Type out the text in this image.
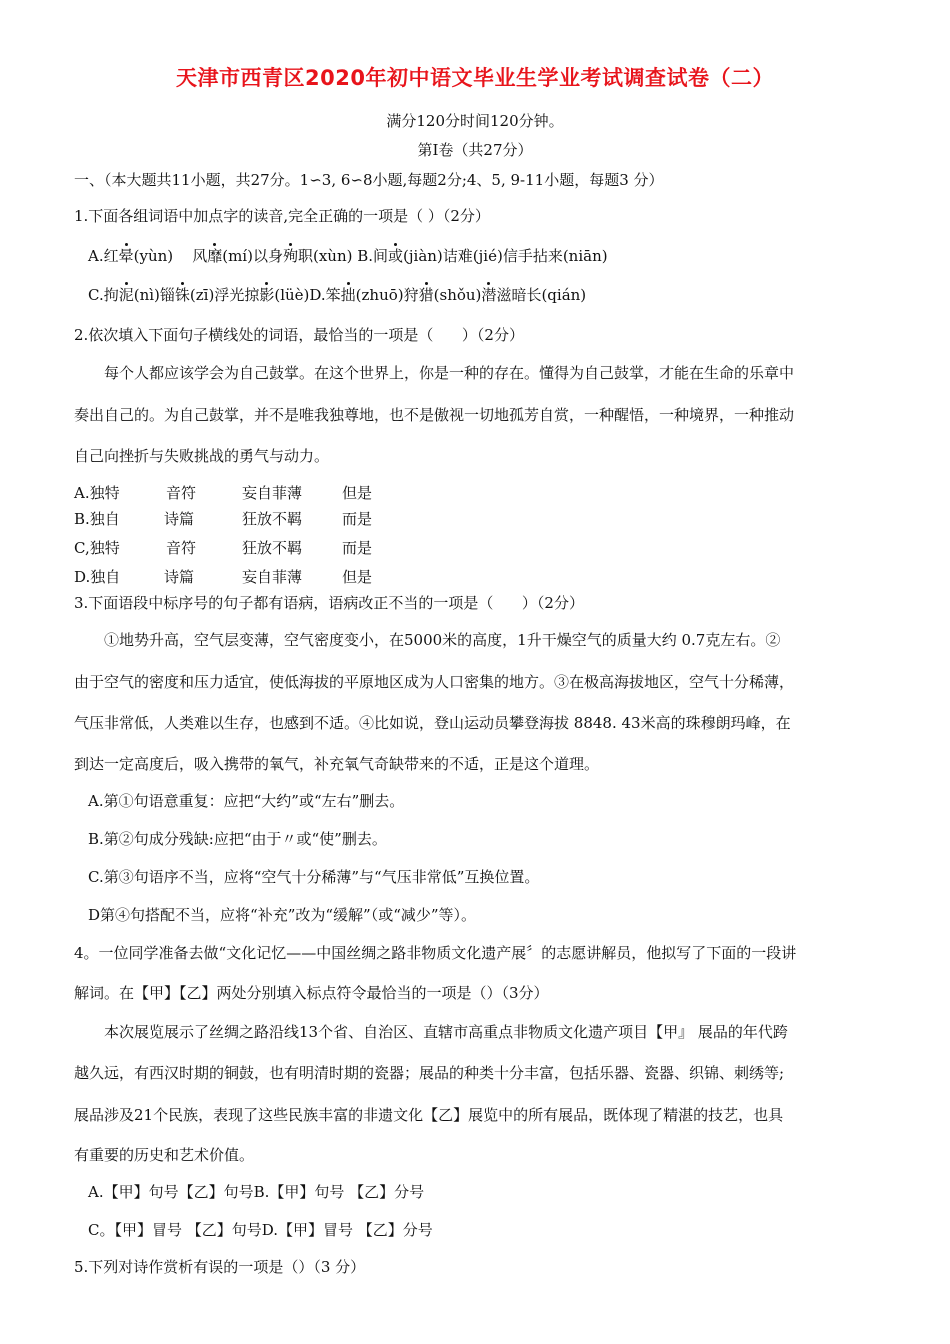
天津市西青区2020年初中语文毕业生学业考试调查试卷（二）
满分120分时间120分钟。
第Ⅰ卷（共27分）
一、（本大题共11小题，共27分。1∽3, 6∽8小题,每题2分;4、5, 9-11小题，每题3 分）
1.下面各组词语中加点字的读音,完全正确的一项是（ ）（2分）
A.红晕(yùn)    风靡(mí)以身殉职(xùn) B.间或(jiàn)诘难(jié)信手拈来(niān)
C.拘泥(nì)锱铢(zī)浮光掠影(lüè)D.笨拙(zhuō)狩猎(shǒu)潜滋暗长(qián)
2.依次填入下面句子横线处的词语，最恰当的一项是（      ）（2分）
每个人都应该学会为自己鼓掌。在这个世界上，你是一种的存在。懂得为自己鼓掌，才能在生命的乐章中
奏出自己的。为自己鼓掌，并不是唯我独尊地，也不是傲视一切地孤芳自赏，一种醒悟，一种境界，一种推动
自己向挫折与失败挑战的勇气与动力。
A.独特	音符	妄自菲薄	但是
B.独自	诗篇	狂放不羁	而是
C,独特	音符	狂放不羁	而是
D.独自	诗篇	妄自菲薄	但是
3.下面语段中标序号的句子都有语病，语病改正不当的一项是（      ）（2分）
①地势升高，空气层变薄，空气密度变小，在5000米的高度，1升干燥空气的质量大约 0.7克左右。②
由于空气的密度和压力适宜，使低海拔的平原地区成为人口密集的地方。③在极高海拔地区，空气十分稀薄，
气压非常低，人类难以生存，也感到不适。④比如说，登山运动员攀登海拔 8848. 43米高的珠穆朗玛峰，在
到达一定高度后，吸入携带的氧气，补充氧气奇缺带来的不适，正是这个道理。
A.第①句语意重复：应把“大约”或“左右”删去。
B.第②句成分残缺:应把“由于〃或“使”删去。
C.第③句语序不当，应将“空气十分稀薄”与“气压非常低”互换位置。
D第④句搭配不当，应将“补充”改为“缓解”（或“减少”等）。
4。一位同学准备去做“文化记忆——中国丝绸之路非物质文化遗产展〞的志愿讲解员，他拟写了下面的一段讲
解词。在【甲】【乙】两处分别填入标点符令最恰当的一项是（）（3分）
本次展览展示了丝绸之路沿线13个省、自治区、直辖市高重点非物质文化遗产项目【甲』 展品的年代跨
越久远，有西汉时期的铜鼓，也有明清时期的瓷器；展品的种类十分丰富，包括乐器、瓷器、织锦、刺绣等;
展品涉及21个民族，表现了这些民族丰富的非遗文化【乙】展览中的所有展品，既体现了精湛的技艺，也具
有重要的历史和艺术价值。
A.【甲】句号【乙】句号B.【甲】句号 【乙】分号
C。【甲】冒号 【乙】句号D.【甲】冒号 【乙】分号
5.下列对诗作赏析有误的一项是（）（3 分）
